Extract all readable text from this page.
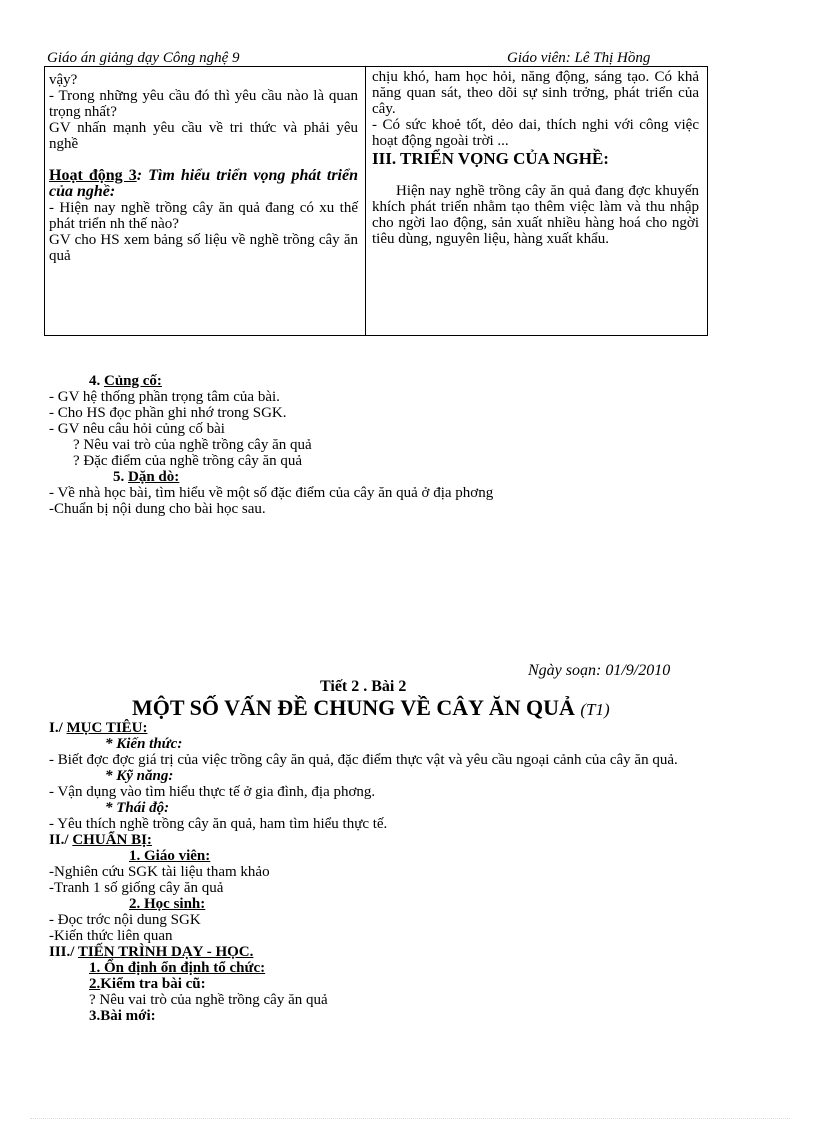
Giáo án giảng dạy Công nghệ 9	Giáo viên: Lê Thị Hồng

vậy?

- Trong những yêu cầu đó thì yêu cầu nào là quan trọng nhất?

GV nhấn mạnh yêu cầu về tri thức và phải yêu nghề

Hoạt động 3: Tìm hiểu triển vọng phát triển của nghề:

- Hiện nay nghề trồng cây ăn quả đang có xu thế phát triển nh thế nào?

GV cho HS xem bảng số liệu về nghề trồng cây ăn quả

chịu khó, ham học hỏi, năng động, sáng tạo. Có khả năng quan sát, theo dõi sự sinh trởng, phát triển của cây.

- Có sức khoẻ tốt, dẻo dai, thích nghi với công việc hoạt động ngoài trời ...

III. TRIỂN VỌNG CỦA NGHỀ:

Hiện nay nghề trồng cây ăn quả đang đợc khuyến khích phát triển nhằm tạo thêm việc làm và thu nhập cho ngời lao động, sản xuất nhiều hàng hoá cho ngời tiêu dùng, nguyên liệu, hàng xuất khẩu.

4. Củng cố:

- GV hệ thống phần trọng tâm của bài.

- Cho HS đọc phần ghi nhớ trong SGK.

- GV nêu câu hỏi củng cố bài

? Nêu vai trò của nghề trồng cây ăn quả

? Đặc điểm của nghề trồng cây ăn quả

5. Dặn dò:

- Về nhà học bài, tìm hiểu về một số đặc điểm của cây ăn quả ở địa phơng

-Chuẩn bị nội dung cho bài học sau.

Ngày soạn: 01/9/2010
Tiết 2 . Bài 2
MỘT SỐ VẤN ĐỀ CHUNG VỀ CÂY ĂN QUẢ (T1)

I./ MỤC TIÊU:

* Kiến thức:

- Biết đợc đợc giá trị của việc trồng cây ăn quả, đặc điểm thực vật và yêu cầu ngoại cảnh của cây ăn quả.

* Kỹ năng:

- Vận dụng vào tìm hiểu thực tế ở gia đình, địa phơng.

* Thái độ:

- Yêu thích nghề trồng cây ăn quả, ham tìm hiểu thực tế.

II./ CHUẨN BỊ:

1. Giáo viên:

-Nghiên cứu SGK tài liệu tham khảo

-Tranh 1 số giống cây ăn quả

2. Học sinh:

- Đọc trớc nội dung SGK

-Kiến thức liên quan

III./ TIẾN TRÌNH DẠY - HỌC.

1. Ổn định ổn định tổ chức:

2.Kiểm tra bài cũ:

? Nêu vai trò của nghề trồng cây ăn quả

3.Bài mới:
